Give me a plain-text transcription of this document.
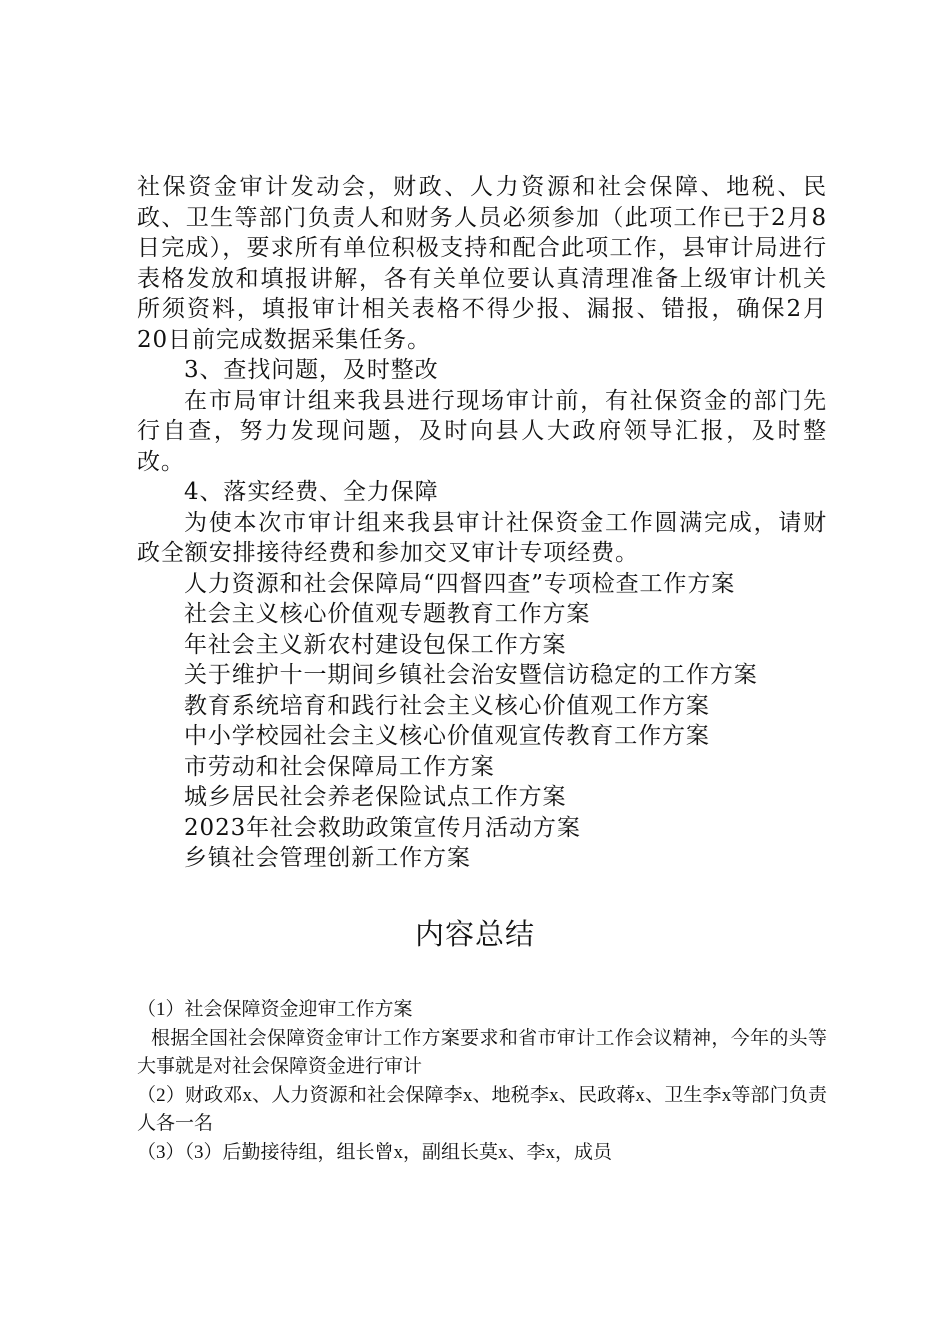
社保资金审计发动会，财政、人力资源和社会保障、地税、民政、卫生等部门负责人和财务人员必须参加（此项工作已于2月8日完成），要求所有单位积极支持和配合此项工作，县审计局进行表格发放和填报讲解，各有关单位要认真清理准备上级审计机关所须资料，填报审计相关表格不得少报、漏报、错报，确保2月20日前完成数据采集任务。

3、查找问题，及时整改

在市局审计组来我县进行现场审计前，有社保资金的部门先行自查，努力发现问题，及时向县人大政府领导汇报，及时整改。

4、落实经费、全力保障

为使本次市审计组来我县审计社保资金工作圆满完成，请财政全额安排接待经费和参加交叉审计专项经费。

人力资源和社会保障局“四督四查”专项检查工作方案

社会主义核心价值观专题教育工作方案

年社会主义新农村建设包保工作方案

关于维护十一期间乡镇社会治安暨信访稳定的工作方案

教育系统培育和践行社会主义核心价值观工作方案

中小学校园社会主义核心价值观宣传教育工作方案

市劳动和社会保障局工作方案

城乡居民社会养老保险试点工作方案

2023年社会救助政策宣传月活动方案

乡镇社会管理创新工作方案

内容总结

（1）社会保障资金迎审工作方案

根据全国社会保障资金审计工作方案要求和省市审计工作会议精神，今年的头等大事就是对社会保障资金进行审计

（2）财政邓x、人力资源和社会保障李x、地税李x、民政蒋x、卫生李x等部门负责人各一名

（3）（3）后勤接待组，组长曾x，副组长莫x、李x，成员
